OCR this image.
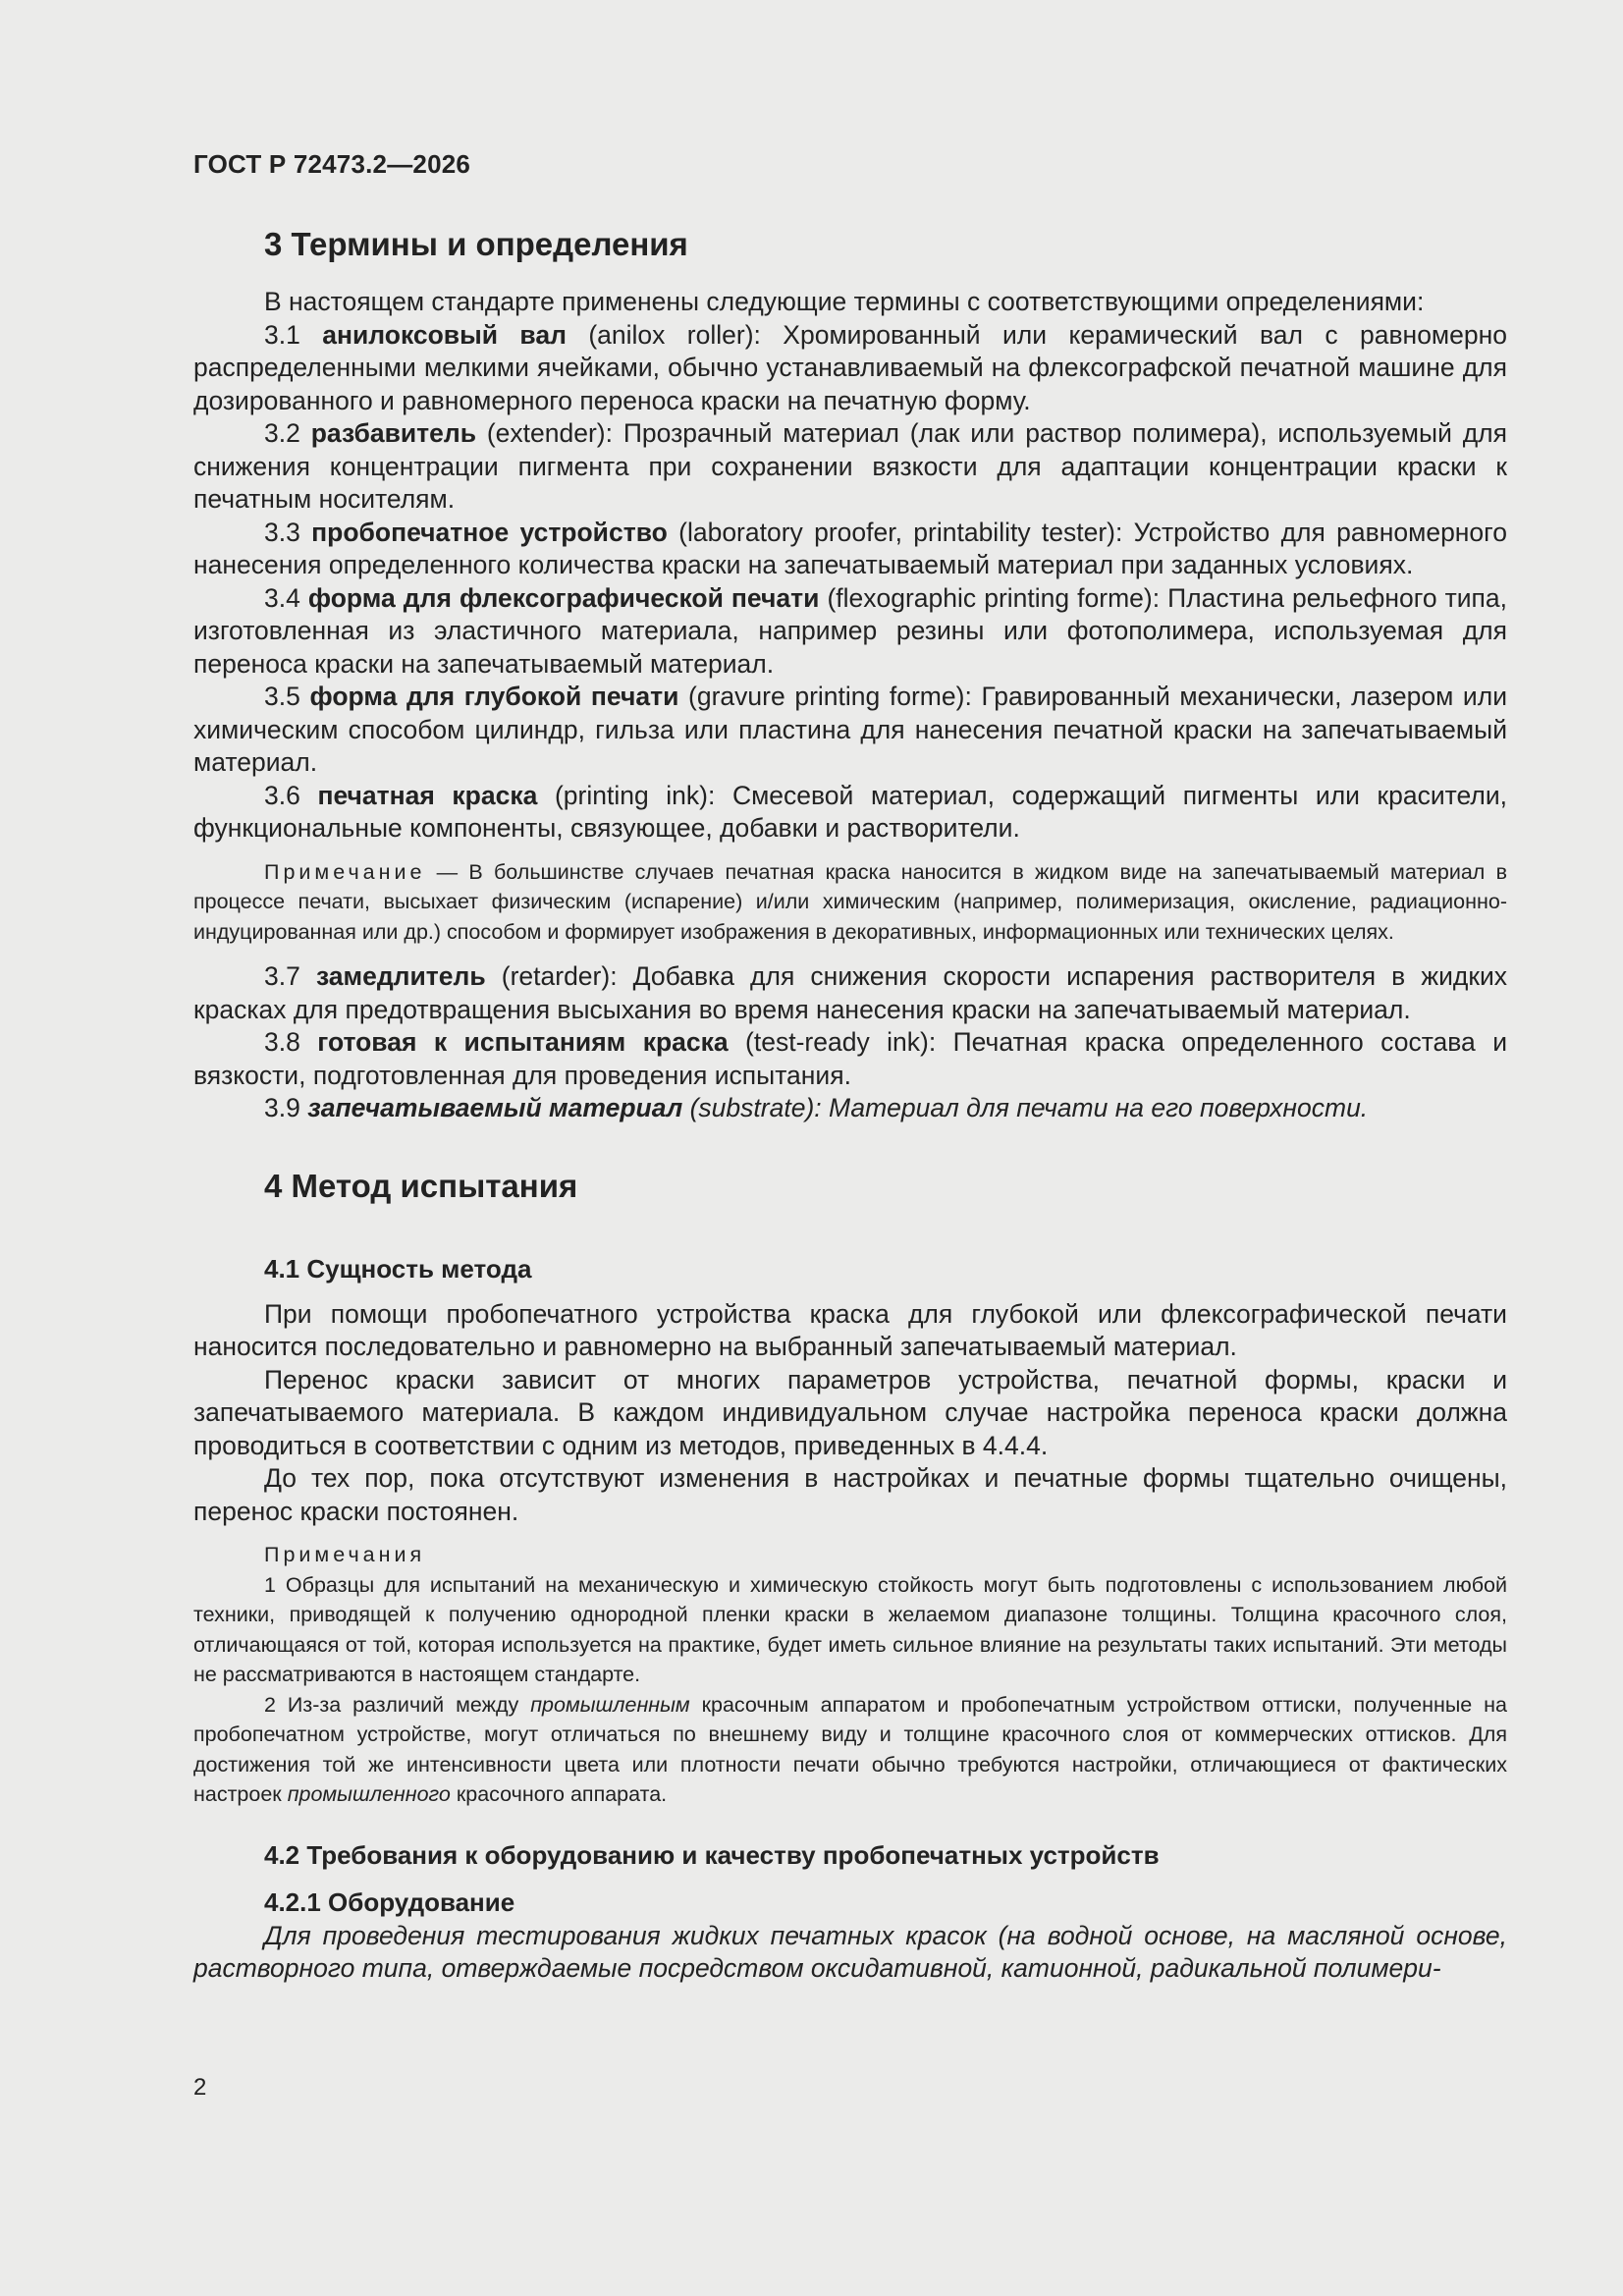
ГОСТ Р 72473.2—2026
3 Термины и определения

В настоящем стандарте применены следующие термины с соответствующими определениями:

3.1 анилоксовый вал (anilox roller): Хромированный или керамический вал с равномерно распределенными мелкими ячейками, обычно устанавливаемый на флексографской печатной машине для дозированного и равномерного переноса краски на печатную форму.

3.2 разбавитель (extender): Прозрачный материал (лак или раствор полимера), используемый для снижения концентрации пигмента при сохранении вязкости для адаптации концентрации краски к печатным носителям.

3.3 пробопечатное устройство (laboratory proofer, printability tester): Устройство для равномерного нанесения определенного количества краски на запечатываемый материал при заданных условиях.

3.4 форма для флексографической печати (flexographic printing forme): Пластина рельефного типа, изготовленная из эластичного материала, например резины или фотополимера, используемая для переноса краски на запечатываемый материал.

3.5 форма для глубокой печати (gravure printing forme): Гравированный механически, лазером или химическим способом цилиндр, гильза или пластина для нанесения печатной краски на запечатываемый материал.

3.6 печатная краска (printing ink): Смесевой материал, содержащий пигменты или красители, функциональные компоненты, связующее, добавки и растворители.

Примечание — В большинстве случаев печатная краска наносится в жидком виде на запечатываемый материал в процессе печати, высыхает физическим (испарение) и/или химическим (например, полимеризация, окисление, радиационно-индуцированная или др.) способом и формирует изображения в декоративных, информационных или технических целях.

3.7 замедлитель (retarder): Добавка для снижения скорости испарения растворителя в жидких красках для предотвращения высыхания во время нанесения краски на запечатываемый материал.

3.8 готовая к испытаниям краска (test-ready ink): Печатная краска определенного состава и вязкости, подготовленная для проведения испытания.

3.9 запечатываемый материал (substrate): Материал для печати на его поверхности.

4 Метод испытания
4.1 Сущность метода

При помощи пробопечатного устройства краска для глубокой или флексографической печати наносится последовательно и равномерно на выбранный запечатываемый материал.

Перенос краски зависит от многих параметров устройства, печатной формы, краски и запечатываемого материала. В каждом индивидуальном случае настройка переноса краски должна проводиться в соответствии с одним из методов, приведенных в 4.4.4.

До тех пор, пока отсутствуют изменения в настройках и печатные формы тщательно очищены, перенос краски постоянен.

Примечания

1 Образцы для испытаний на механическую и химическую стойкость могут быть подготовлены с использованием любой техники, приводящей к получению однородной пленки краски в желаемом диапазоне толщины. Толщина красочного слоя, отличающаяся от той, которая используется на практике, будет иметь сильное влияние на результаты таких испытаний. Эти методы не рассматриваются в настоящем стандарте.

2 Из-за различий между промышленным красочным аппаратом и пробопечатным устройством оттиски, полученные на пробопечатном устройстве, могут отличаться по внешнему виду и толщине красочного слоя от коммерческих оттисков. Для достижения той же интенсивности цвета или плотности печати обычно требуются настройки, отличающиеся от фактических настроек промышленного красочного аппарата.

4.2 Требования к оборудованию и качеству пробопечатных устройств
4.2.1 Оборудование

Для проведения тестирования жидких печатных красок (на водной основе, на масляной основе, растворного типа, отверждаемые посредством оксидативной, катионной, радикальной полимери-

2
